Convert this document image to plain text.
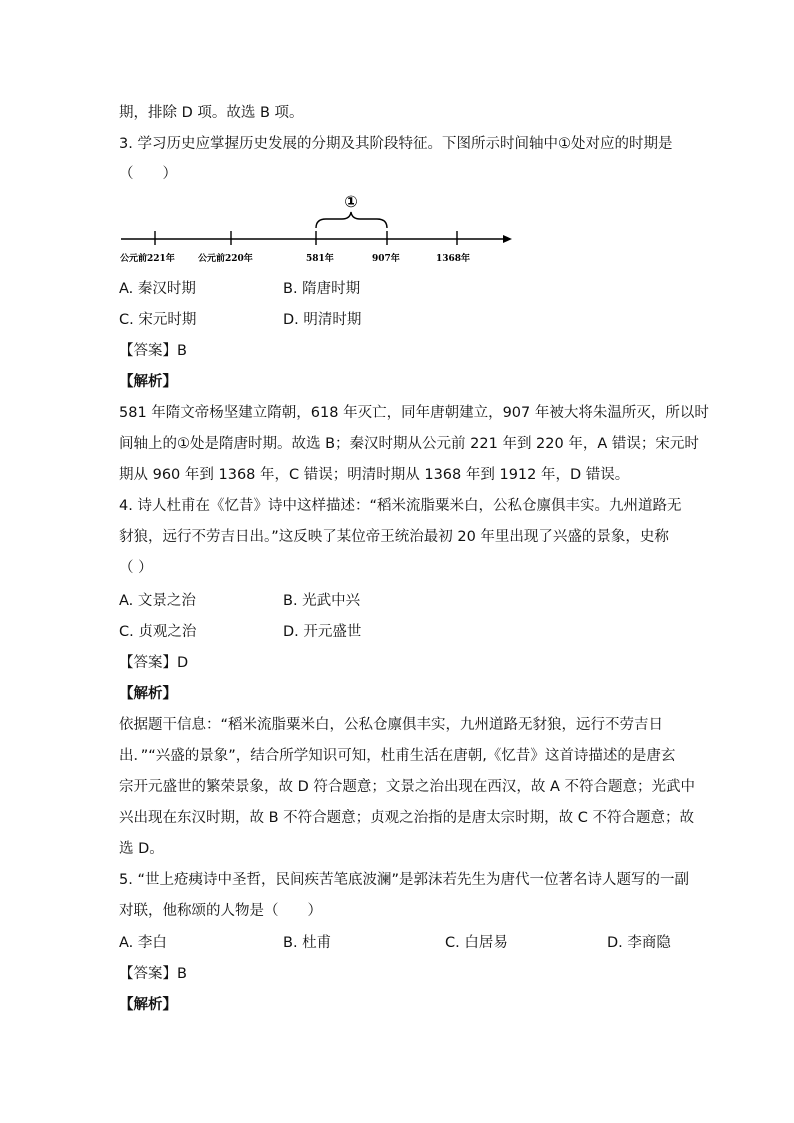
期，排除 D 项。故选 B 项。
3. 学习历史应掌握历史发展的分期及其阶段特征。下图所示时间轴中①处对应的时期是
（　　）
①
公元前221年	公元前220年	581年	907年	1368年
A. 秦汉时期	B. 隋唐时期
C. 宋元时期	D. 明清时期
【答案】B
【解析】
581 年隋文帝杨坚建立隋朝，618 年灭亡，同年唐朝建立，907 年被大将朱温所灭，所以时
间轴上的①处是隋唐时期。故选 B；秦汉时期从公元前 221 年到 220 年，A 错误；宋元时
期从 960 年到 1368 年，C 错误；明清时期从 1368 年到 1912 年，D 错误。
4. 诗人杜甫在《忆昔》诗中这样描述：“稻米流脂粟米白，公私仓廪俱丰实。九州道路无
豺狼，远行不劳吉日出。”这反映了某位帝王统治最初 20 年里出现了兴盛的景象，史称
（ ）
A. 文景之治	B. 光武中兴
C. 贞观之治	D. 开元盛世
【答案】D
【解析】
依据题干信息：“稻米流脂粟米白，公私仓廪俱丰实，九州道路无豺狼，远行不劳吉日
出．”“兴盛的景象”，结合所学知识可知，杜甫生活在唐朝,《忆昔》这首诗描述的是唐玄
宗开元盛世的繁荣景象，故 D 符合题意；文景之治出现在西汉，故 A 不符合题意；光武中
兴出现在东汉时期，故 B 不符合题意；贞观之治指的是唐太宗时期，故 C 不符合题意；故
选 D。
5. “世上疮痍诗中圣哲，民间疾苦笔底波澜”是郭沫若先生为唐代一位著名诗人题写的一副
对联，他称颂的人物是（　　）
A. 李白	B. 杜甫	C. 白居易	D. 李商隐
【答案】B
【解析】
